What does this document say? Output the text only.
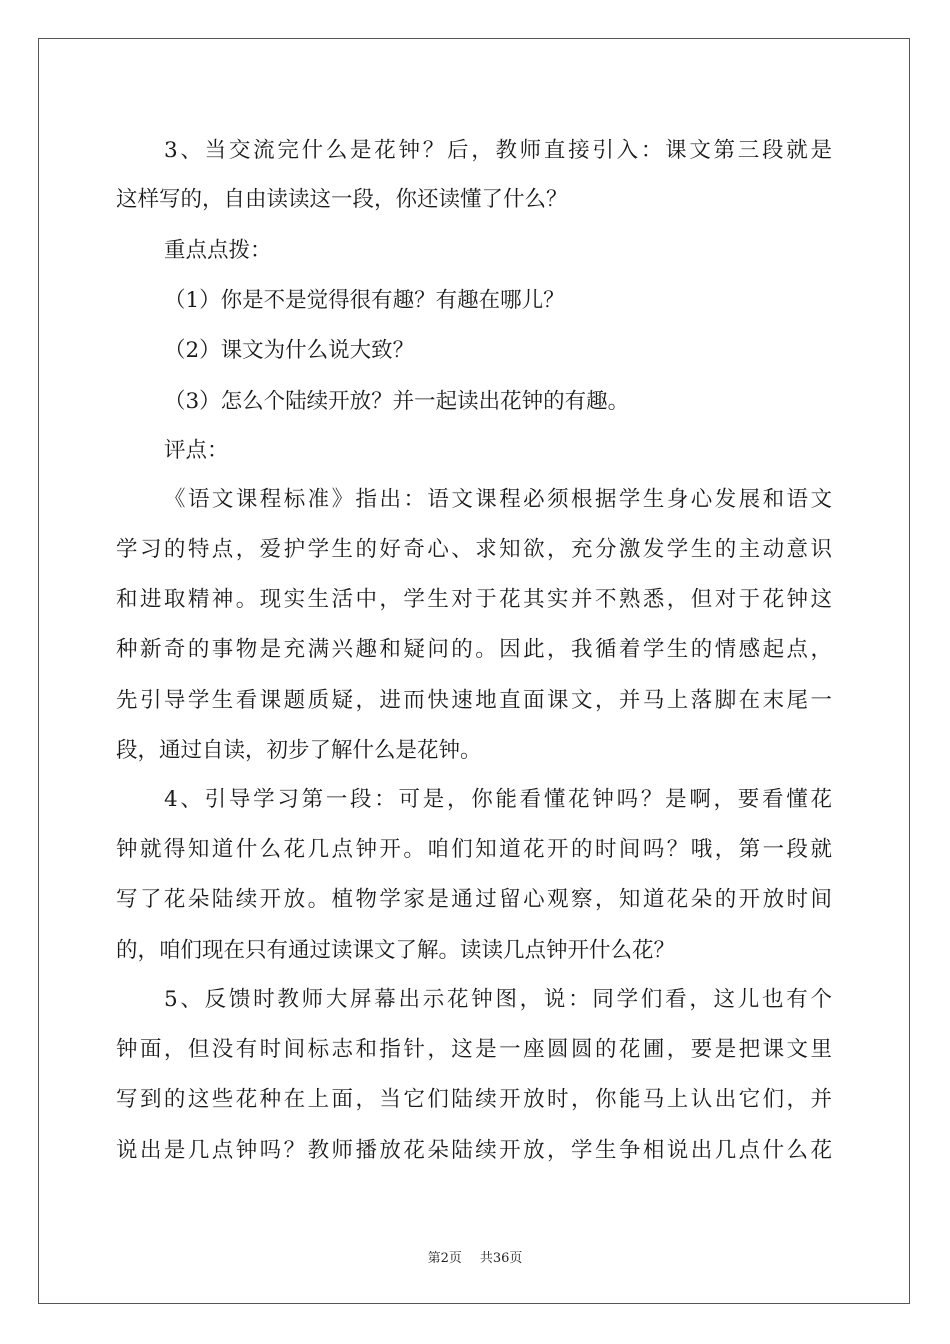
3、当交流完什么是花钟？后，教师直接引入：课文第三段就是
这样写的，自由读读这一段，你还读懂了什么？
重点点拨：
（1）你是不是觉得很有趣？有趣在哪儿？
（2）课文为什么说大致？
（3）怎么个陆续开放？并一起读出花钟的有趣。
评点：
《语文课程标准》指出：语文课程必须根据学生身心发展和语文
学习的特点，爱护学生的好奇心、求知欲，充分激发学生的主动意识
和进取精神。现实生活中，学生对于花其实并不熟悉，但对于花钟这
种新奇的事物是充满兴趣和疑问的。因此，我循着学生的情感起点，
先引导学生看课题质疑，进而快速地直面课文，并马上落脚在末尾一
段，通过自读，初步了解什么是花钟。
4、引导学习第一段：可是，你能看懂花钟吗？是啊，要看懂花
钟就得知道什么花几点钟开。咱们知道花开的时间吗？哦，第一段就
写了花朵陆续开放。植物学家是通过留心观察，知道花朵的开放时间
的，咱们现在只有通过读课文了解。读读几点钟开什么花？
5、反馈时教师大屏幕出示花钟图，说：同学们看，这儿也有个
钟面，但没有时间标志和指针，这是一座圆圆的花圃，要是把课文里
写到的这些花种在上面，当它们陆续开放时，你能马上认出它们，并
说出是几点钟吗？教师播放花朵陆续开放，学生争相说出几点什么花
第2页 共36页
